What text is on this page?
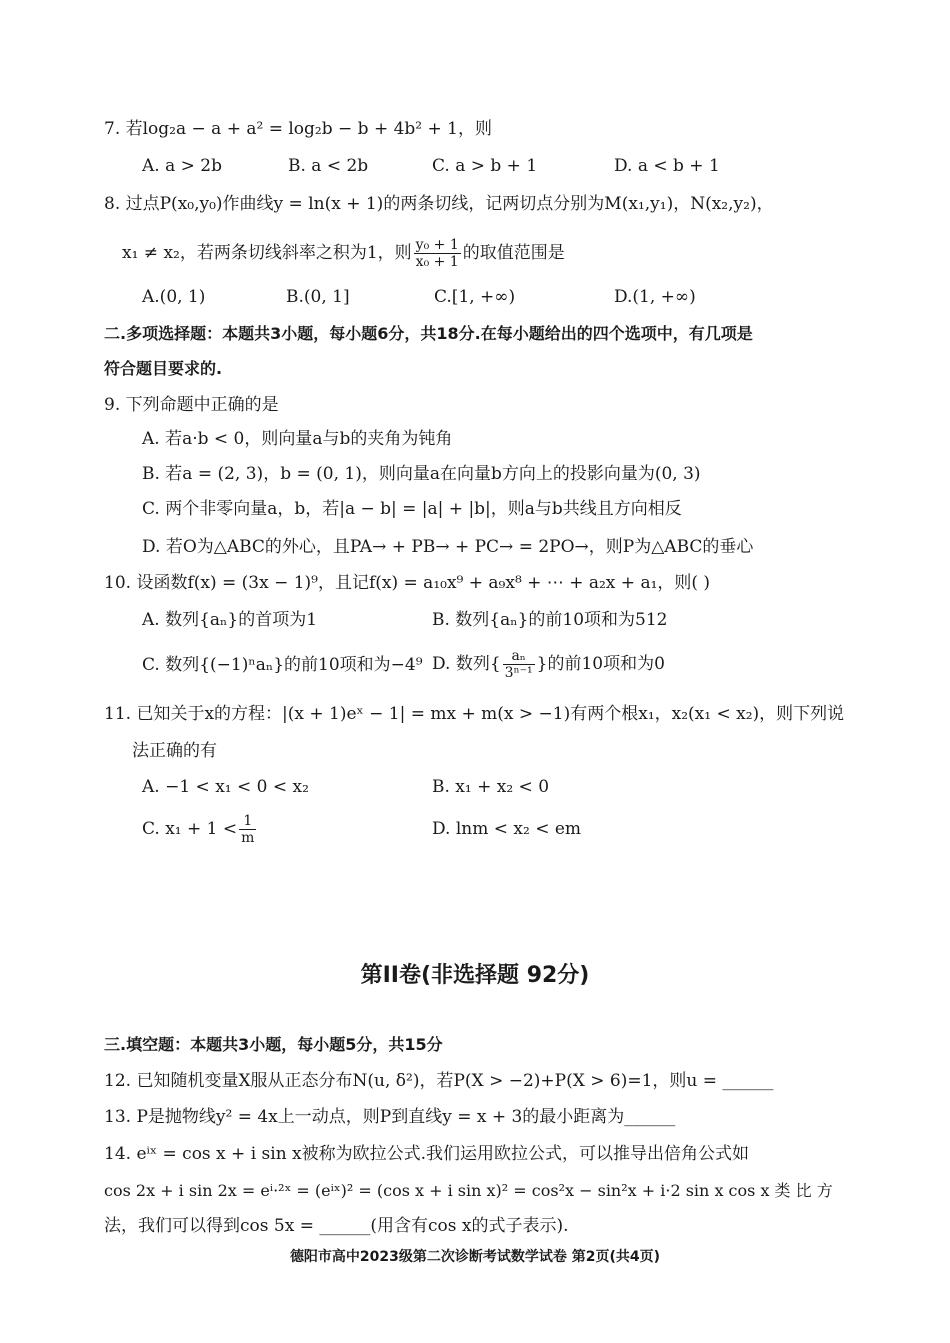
7. 若log₂a − a + a² = log₂b − b + 4b² + 1，则
A. a > 2b	B. a < 2b	C. a > b + 1	D. a < b + 1
8. 过点P(x₀,y₀)作曲线y = ln(x + 1)的两条切线，记两切点分别为M(x₁,y₁)，N(x₂,y₂)，
x₁ ≠ x₂，若两条切线斜率之积为1，则 $\frac{\text{y₀ + 1}}{\text{x₀ + 1}}$ 的取值范围是
A.(0, 1)	B.(0, 1]	C.[1, +∞)	D.(1, +∞)
二.多项选择题：本题共3小题，每小题6分，共18分.在每小题给出的四个选项中，有几项是
符合题目要求的.
9. 下列命题中正确的是
A. 若a·b < 0，则向量a与b的夹角为钝角
B. 若a = (2, 3)，b = (0, 1)，则向量a在向量b方向上的投影向量为(0, 3)
C. 两个非零向量a，b，若|a − b| = |a| + |b|，则a与b共线且方向相反
D. 若O为△ABC的外心，且PA→ + PB→ + PC→ = 2PO→，则P为△ABC的垂心
10. 设函数f(x) = (3x − 1)⁹，且记f(x) = a₁₀x⁹ + a₉x⁸ + ⋯ + a₂x + a₁，则( )
A. 数列{aₙ}的首项为1	B. 数列{aₙ}的前10项和为512
C. 数列{(−1)ⁿaₙ}的前10项和为−4⁹ D. 数列{ $\frac{\text{aₙ}}{\text{3ⁿ⁻¹}}$ }的前10项和为0
11. 已知关于x的方程：|(x + 1)eˣ − 1| = mx + m(x > −1)有两个根x₁，x₂(x₁ < x₂)，则下列说
法正确的有
A. −1 < x₁ < 0 < x₂	B. x₁ + x₂ < 0
C. $x_1 + 1 < \frac{1}{m}$	D. lnm < x₂ < em
第II卷(非选择题 92分)
三.填空题：本题共3小题，每小题5分，共15分
12. 已知随机变量X服从正态分布N(u, δ²)，若P(X > −2)+P(X > 6)=1，则u = ______
13. P是抛物线y² = 4x上一动点，则P到直线y = x + 3的最小距离为______
14. eⁱˣ = cos x + i sin x被称为欧拉公式.我们运用欧拉公式，可以推导出倍角公式如
cos 2x + i sin 2x = eⁱ·²ˣ = (eⁱˣ)² = (cos x + i sin x)² = cos²x − sin²x + i·2 sin x cos x 类 比 方
法，我们可以得到cos 5x = ______(用含有cos x的式子表示).
德阳市高中2023级第二次诊断考试数学试卷 第2页(共4页)
